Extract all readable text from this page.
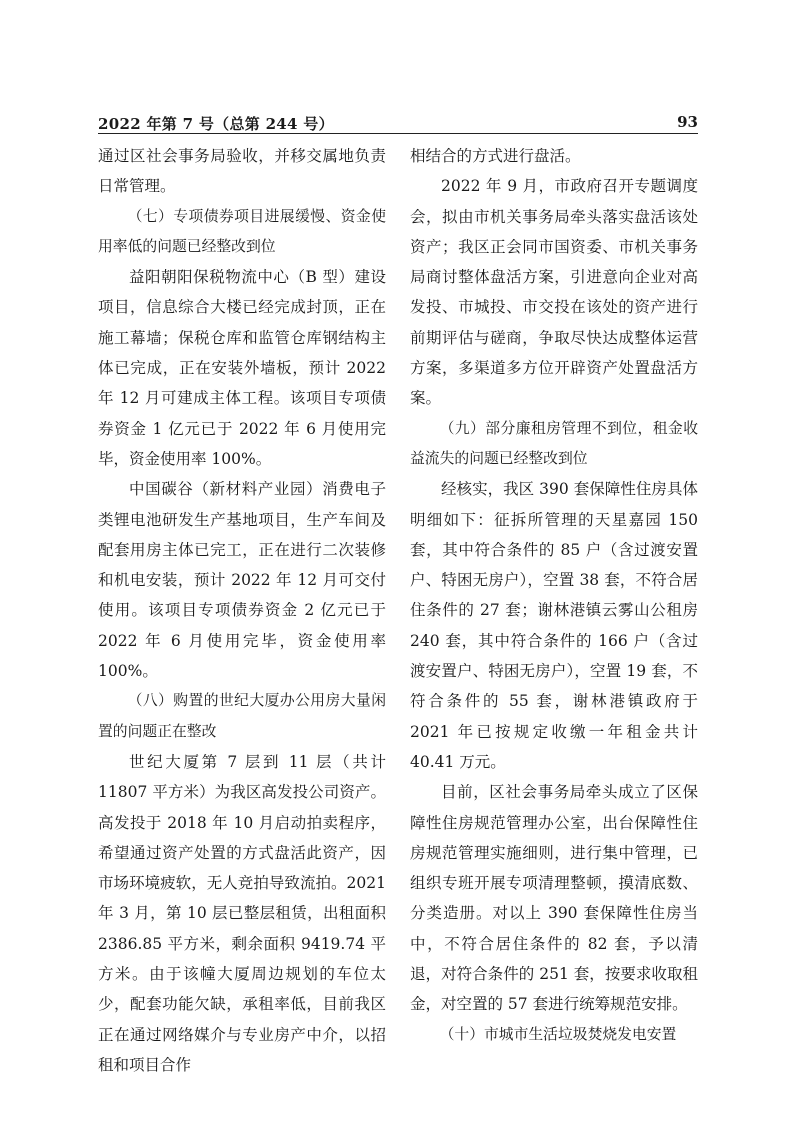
2022 年第 7 号（总第 244 号）	93

通过区社会事务局验收，并移交属地负责日常管理。

（七）专项债券项目进展缓慢、资金使用率低的问题已经整改到位

益阳朝阳保税物流中心（B 型）建设项目，信息综合大楼已经完成封顶，正在施工幕墙；保税仓库和监管仓库钢结构主体已完成，正在安装外墙板，预计 2022 年 12 月可建成主体工程。该项目专项债券资金 1 亿元已于 2022 年 6 月使用完毕，资金使用率 100%。

中国碳谷（新材料产业园）消费电子类锂电池研发生产基地项目，生产车间及配套用房主体已完工，正在进行二次装修和机电安装，预计 2022 年 12 月可交付使用。该项目专项债券资金 2 亿元已于 2022 年 6 月使用完毕，资金使用率 100%。

（八）购置的世纪大厦办公用房大量闲置的问题正在整改

世纪大厦第 7 层到 11 层（共计 11807 平方米）为我区高发投公司资产。高发投于 2018 年 10 月启动拍卖程序，希望通过资产处置的方式盘活此资产，因市场环境疲软，无人竞拍导致流拍。2021 年 3 月，第 10 层已整层租赁，出租面积 2386.85 平方米，剩余面积 9419.74 平方米。由于该幢大厦周边规划的车位太少，配套功能欠缺，承租率低，目前我区正在通过网络媒介与专业房产中介，以招租和项目合作

相结合的方式进行盘活。

2022 年 9 月，市政府召开专题调度会，拟由市机关事务局牵头落实盘活该处资产；我区正会同市国资委、市机关事务局商讨整体盘活方案，引进意向企业对高发投、市城投、市交投在该处的资产进行前期评估与磋商，争取尽快达成整体运营方案，多渠道多方位开辟资产处置盘活方案。

（九）部分廉租房管理不到位，租金收益流失的问题已经整改到位

经核实，我区 390 套保障性住房具体明细如下：征拆所管理的天星嘉园 150 套，其中符合条件的 85 户（含过渡安置户、特困无房户），空置 38 套，不符合居住条件的 27 套；谢林港镇云雾山公租房 240 套，其中符合条件的 166 户（含过渡安置户、特困无房户），空置 19 套，不符合条件的 55 套，谢林港镇政府于 2021 年已按规定收缴一年租金共计 40.41 万元。

目前，区社会事务局牵头成立了区保障性住房规范管理办公室，出台保障性住房规范管理实施细则，进行集中管理，已组织专班开展专项清理整顿，摸清底数、分类造册。对以上 390 套保障性住房当中，不符合居住条件的 82 套，予以清退，对符合条件的 251 套，按要求收取租金，对空置的 57 套进行统筹规范安排。

（十）市城市生活垃圾焚烧发电安置
